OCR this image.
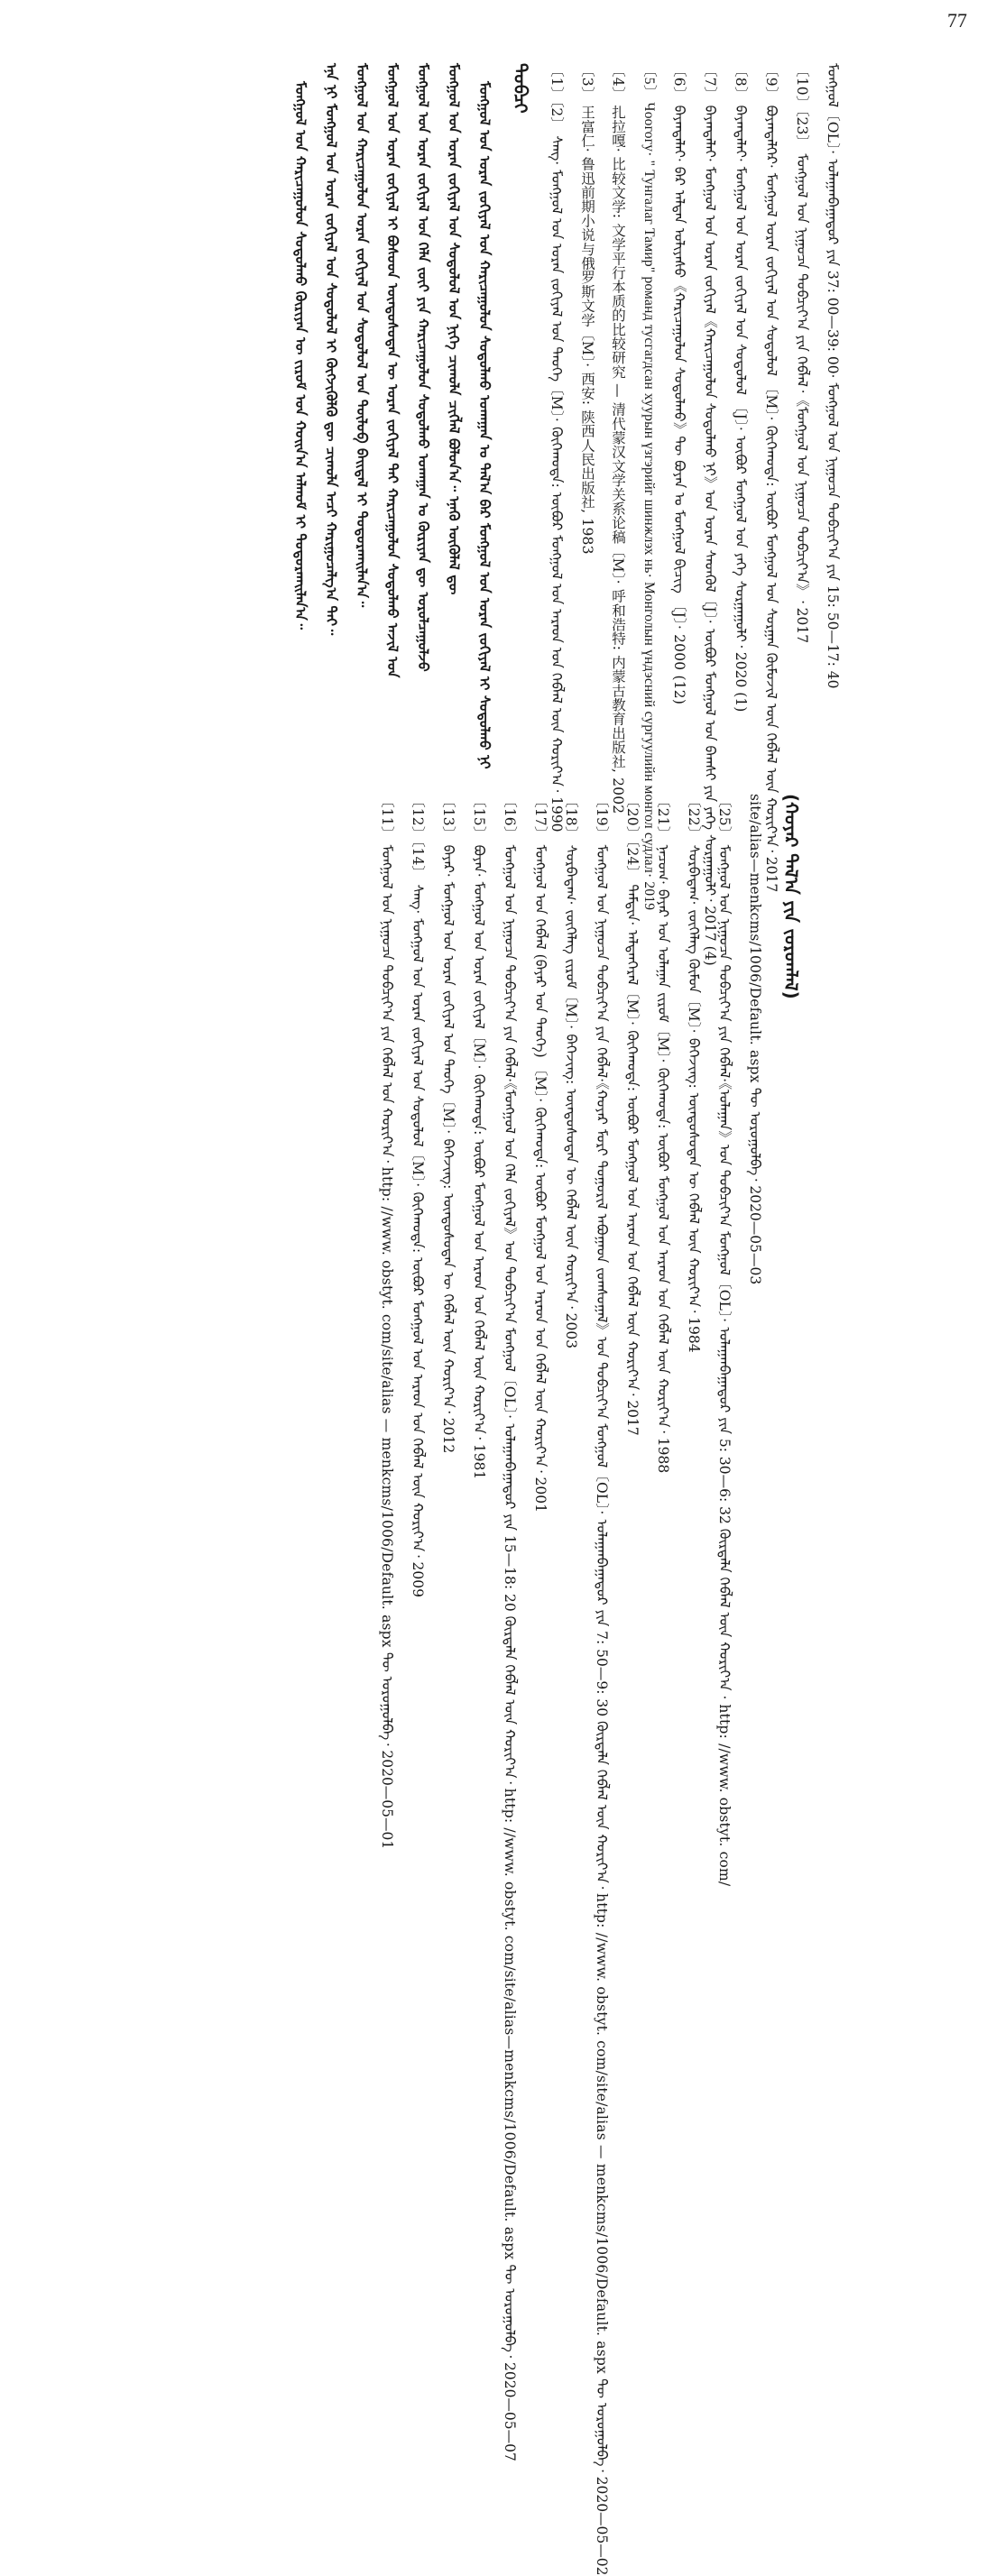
77
ᠮᠣᠩᠭᠣᠯ〔OL〕· ᠤᠯᠠᠭᠠᠨᠪᠠᠭᠠᠲᠤᠷ ᠶᠢᠨ 37: 00—39: 00· ᠮᠣᠩᠭᠣᠯ ᠤᠨ ᠨᠢᠭᠤᠴᠠ ᠲᠣᠪᠴᠢᠶ᠎ᠠ ᠶᠢᠨ 15: 50—17: 40
〔10〕〔23〕 ᠮᠣᠩᠭᠣᠯ ᠤᠨ ᠨᠢᠭᠤᠴᠠ ᠲᠣᠪᠴᠢᠶ᠎ᠠ ᠶᠢᠨ ᠬᠡᠪᠯᠡᠯ᠂《ᠮᠣᠩᠭᠣᠯ ᠤᠨ ᠨᠢᠭᠤᠴᠠ ᠲᠣᠪᠴᠢᠶ᠎ᠠ》᠂ 2017
〔9〕 ᠪᠤᠶᠠᠨᠳᠡᠯᠭᠡᠷ· ᠮᠣᠩᠭᠣᠯ ᠤᠷᠠᠨ ᠵᠣᠬᠢᠶᠠᠯ ᠤᠨ ᠰᠤᠳᠤᠯᠤᠯ 〔M〕· ᠬᠥᠬᠡᠬᠣᠲᠠ: ᠦᠪᠦᠷ ᠮᠣᠩᠭᠣᠯ ᠤᠨ ᠰᠤᠷᠭᠠᠨ ᠬᠦᠮᠦᠵᠢᠯ ᠦᠨ ᠬᠡᠪᠯᠡᠯ ᠦᠨ ᠬᠣᠷᠢᠶ᠎ᠠ᠂ 2017
〔8〕 ᠪᠠᠶᠠᠨᠳᠠᠯᠠᠢ· ᠮᠣᠩᠭᠣᠯ ᠤᠨ ᠤᠷᠠᠨ ᠵᠣᠬᠢᠶᠠᠯ ᠤᠨ ᠰᠤᠳᠤᠯᠤᠯ 〔J〕· ᠦᠪᠦᠷ ᠮᠣᠩᠭᠣᠯ ᠤᠨ ᠶᠡᠬᠡ ᠰᠤᠷᠭᠠᠭᠤᠯᠢ᠂ 2020 (1)
〔7〕 ᠪᠠᠶᠠᠨᠳᠠᠯᠠᠢ· ᠮᠣᠩᠭᠣᠯ ᠤᠨ ᠤᠷᠠᠨ ᠵᠣᠬᠢᠶᠠᠯ《ᠬᠠᠷᠢᠴᠠᠭᠤᠯᠤᠨ ᠰᠤᠳᠤᠯᠬᠤ ᠨᠢ》ᠤᠨ ᠤᠷᠠᠨ ᠰᠡᠳᠭᠦᠯ〔J〕· ᠦᠪᠦᠷ ᠮᠣᠩᠭᠣᠯ ᠤᠨ ᠪᠠᠭᠰᠢ ᠶᠢᠨ ᠶᠡᠬᠡ ᠰᠤᠷᠭᠠᠭᠤᠯᠢ᠂ 2017 (4)
〔6〕 ᠪᠠᠶᠠᠨᠳᠠᠯᠠᠢ· ᠪᠠᠷ ᠠᠯᠲᠠᠨ ᠤᠯᠢᠶᠠᠰᠤ《ᠬᠠᠷᠢᠴᠠᠭᠤᠯᠤᠨ ᠰᠤᠳᠤᠯᠬᠤ》ᠲᠦ ᠪᠤᠶᠠᠨ ᠤ ᠮᠣᠩᠭᠣᠯ ᠪᠢᠴᠢᠭ 〔J〕· 2000 (12)
〔5〕 Чоогогу· " Тунгалаг Тамир" романд тусгагдсан хуурын үзгэрийг шинжлэх нь· Монголын үндэсний сургуулийн монгол судлал· 2019
〔4〕 扎拉嘎· 比较文学: 文学平行本质的比较研究 — 清代蒙汉文学关系论稿〔M〕· 呼和浩特: 内蒙古教育出版社, 2002
〔3〕 王富仁· 鲁迅前期小说与俄罗斯文学〔M〕· 西安: 陕西人民出版社, 1983
〔1〕〔2〕 ᠰᠠᠩ· ᠮᠣᠩᠭᠣᠯ ᠤᠨ ᠤᠷᠠᠨ ᠵᠣᠬᠢᠶᠠᠯ ᠤᠨ ᠲᠡᠦᠬᠡ〔M〕· ᠬᠥᠬᠡᠬᠣᠲᠠ: ᠦᠪᠦᠷ ᠮᠣᠩᠭᠣᠯ ᠤᠨ ᠠᠷᠠᠳ ᠤᠨ ᠬᠡᠪᠯᠡᠯ ᠦᠨ ᠬᠣᠷᠢᠶ᠎ᠠ᠂ 1990
ᠲᠣᠪᠴᠢ
ᠮᠣᠩᠭᠣᠯ ᠤᠨ ᠤᠷᠠᠨ ᠵᠣᠬᠢᠶᠠᠯ ᠤᠨ ᠬᠠᠷᠢᠴᠠᠭᠤᠯᠤᠨ ᠰᠤᠳᠤᠯᠬᠤ ᠤᠬᠠᠭᠠᠨ ᠤ ᠲᠠᠯ᠎ᠠ ᠪᠡᠷ ᠮᠣᠩᠭᠣᠯ ᠤᠨ ᠤᠷᠠᠨ ᠵᠣᠬᠢᠶᠠᠯ ᠢ ᠰᠤᠳᠤᠯᠬᠤ ᠨᠢ
ᠮᠣᠩᠭᠣᠯ ᠤᠨ ᠤᠷᠠᠨ ᠵᠣᠬᠢᠶᠠᠯ ᠤᠨ ᠰᠤᠳᠤᠯᠤᠯ ᠤᠨ ᠨᠢᠭᠡ ᠴᠢᠬᠤᠯᠠ ᠴᠢᠭᠯᠡᠯ ᠪᠣᠯᠤᠨ᠎ᠠ᠃ ᠡᠨᠡᠬᠦ ᠥᠭᠦᠯᠡᠯ ᠳᠦ
ᠮᠣᠩᠭᠣᠯ ᠤᠨ ᠤᠷᠠᠨ ᠵᠣᠬᠢᠶᠠᠯ ᠤᠨ ᠬᠡᠯᠡ ᠵᠦᠢ ᠶᠢᠨ ᠬᠠᠷᠢᠴᠠᠭᠤᠯᠤᠨ ᠰᠤᠳᠤᠯᠬᠤ ᠤᠬᠠᠭᠠᠨ ᠤ ᠬᠦᠷᠢᠶᠡᠨ ᠳᠦ ᠣᠷᠣᠯᠴᠠᠭᠤᠯᠵᠤ
ᠮᠣᠩᠭᠣᠯ ᠤᠨ ᠤᠷᠠᠨ ᠵᠣᠬᠢᠶᠠᠯ ᠢ ᠪᠤᠰᠤᠳ ᠦᠨᠳᠦᠰᠦᠲᠡᠨ ᠦ ᠤᠷᠠᠨ ᠵᠣᠬᠢᠶᠠᠯ ᠲᠠᠢ ᠬᠠᠷᠢᠴᠠᠭᠤᠯᠤᠨ ᠰᠤᠳᠤᠯᠬᠤ ᠠᠵᠢᠯ ᠤᠨ
ᠮᠣᠩᠭᠣᠯ ᠤᠨ ᠬᠠᠷᠢᠴᠠᠭᠤᠯᠤᠨ ᠤᠷᠠᠨ ᠵᠣᠬᠢᠶᠠᠯ ᠤᠨ ᠰᠤᠳᠤᠯᠤᠯ ᠤᠨ ᠲᠥᠯᠥᠪ ᠪᠠᠢᠳᠠᠯ ᠢ ᠲᠣᠳᠣᠷᠬᠠᠢᠯᠠᠨ᠎ᠠ᠃
ᠡᠨᠡ ᠨᠢ ᠮᠣᠩᠭᠣᠯ ᠤᠨ ᠤᠷᠠᠨ ᠵᠣᠬᠢᠶᠠᠯ ᠤᠨ ᠰᠤᠳᠤᠯᠤᠯ ᠢ ᠬᠥᠭᠵᠢᠭᠦᠯᠬᠦ ᠳᠦ ᠴᠢᠬᠤᠯᠠ ᠠᠴᠢ ᠬᠠᠷᠢᠭᠤᠴᠠᠯᠭ᠎ᠠ ᠲᠠᠢ᠃
ᠮᠣᠩᠭᠣᠯ ᠤᠨ ᠬᠠᠷᠢᠴᠠᠭᠤᠯᠤᠨ ᠰᠤᠳᠤᠯᠬᠤ ᠬᠦᠷᠢᠶᠡᠨ ᠦ ᠵᠢᠷᠤᠮ ᠤᠨ ᠬᠣᠢᠨ᠎ᠠ ᠠᠯᠬᠤᠮ ᠢ ᠲᠣᠳᠣᠷᠬᠠᠢᠯᠠᠨ᠎ᠠ᠃
(ᠬᠣᠶᠠᠷ ᠲᠠᠯ᠎ᠠ ᠶᠢᠨ ᠵᠤᠷᠤᠭᠯᠠᠯ)
site/alias—menkcms/1006/Default. aspx ᠲᠦ ᠣᠷᠣᠭᠤᠯᠪᠠ᠂ 2020—05—03
〔25〕 ᠮᠣᠩᠭᠣᠯ ᠤᠨ ᠨᠢᠭᠤᠴᠠ ᠲᠣᠪᠴᠢᠶ᠎ᠠ ᠶᠢᠨ ᠬᠡᠪᠯᠡᠯ·《ᠤᠯᠠᠭᠠᠨ》ᠤᠨ ᠲᠣᠪᠴᠢᠶ᠎ᠠ ᠮᠣᠩᠭᠣᠯ〔OL〕· ᠤᠯᠠᠭᠠᠨᠪᠠᠭᠠᠲᠤᠷ ᠶᠢᠨ 5: 30—6: 32 ᠬᠦᠷᠲᠡᠯᠡ ᠬᠡᠪᠯᠡᠯ ᠦᠨ ᠬᠣᠷᠢᠶ᠎ᠠ · http: //www. obstyt. com/
〔22〕 ᠰᠤᠷᠪᠠᠳᠠᠭ· ᠵᠥᠭᠡᠯᠡᠭ ᠬᠦᠮᠦᠨ〔M〕· ᠪᠡᠭᠡᠵᠢᠩ: ᠦᠨᠳᠦᠰᠦᠲᠡᠨ ᠦ ᠬᠡᠪᠯᠡᠯ ᠦᠨ ᠬᠣᠷᠢᠶ᠎ᠠ᠂ 1984
〔21〕 ᠨᠠᠴᠤᠭ· ᠪᠠᠶᠠᠷ ᠤᠨ ᠤᠯᠠᠭᠠᠨ ᠵᠢᠷᠤᠮ〔M〕· ᠬᠥᠬᠡᠬᠣᠲᠠ: ᠦᠪᠦᠷ ᠮᠣᠩᠭᠣᠯ ᠤᠨ ᠠᠷᠠᠳ ᠤᠨ ᠬᠡᠪᠯᠡᠯ ᠦᠨ ᠬᠣᠷᠢᠶ᠎ᠠ᠂ 1988
〔20〕〔24〕 ᠳᠠᠮᠳᠢᠨ· ᠠᠯᠲᠠᠨᠭᠡᠷᠡᠯ〔M〕· ᠬᠥᠬᠡᠬᠣᠲᠠ: ᠦᠪᠦᠷ ᠮᠣᠩᠭᠣᠯ ᠤᠨ ᠠᠷᠠᠳ ᠤᠨ ᠬᠡᠪᠯᠡᠯ ᠦᠨ ᠬᠣᠷᠢᠶ᠎ᠠ᠂ 2017
〔19〕 ᠮᠣᠩᠭᠣᠯ ᠤᠨ ᠨᠢᠭᠤᠴᠠ ᠲᠣᠪᠴᠢᠶ᠎ᠠ ᠶᠢᠨ ᠬᠡᠪᠯᠡᠯ·《ᠬᠣᠶᠠᠷ ᠮᠣᠷᠢ ᠲᠣᠭᠣᠷᠢᠯ ᠠᠪᠤᠭᠠᠳ ᠵᠣᠭᠰᠣᠭᠠᠯ》ᠤᠨ ᠲᠣᠪᠴᠢᠶ᠎ᠠ ᠮᠣᠩᠭᠣᠯ〔OL〕· ᠤᠯᠠᠭᠠᠨᠪᠠᠭᠠᠲᠤᠷ ᠶᠢᠨ 7: 50—9: 30 ᠬᠦᠷᠲᠡᠯᠡ ᠬᠡᠪᠯᠡᠯ ᠦᠨ ᠬᠣᠷᠢᠶ᠎ᠠ᠂ http: //www. obstyt. com/site/alias — menkcms/1006/Default. aspx ᠲᠦ ᠣᠷᠣᠭᠤᠯᠪᠠ᠂ 2020—05—02
〔18〕 ᠰᠤᠷᠪᠠᠳᠠᠭ· ᠵᠥᠭᠡᠯᠡᠭ ᠵᠢᠷᠤᠮ〔M〕· ᠪᠡᠭᠡᠵᠢᠩ: ᠦᠨᠳᠦᠰᠦᠲᠡᠨ ᠦ ᠬᠡᠪᠯᠡᠯ ᠦᠨ ᠬᠣᠷᠢᠶ᠎ᠠ᠂ 2003
〔17〕 ᠮᠣᠩᠭᠣᠯ ᠤᠨ ᠬᠡᠪᠯᠡᠯ (ᠪᠠᠶᠠᠷ ᠤᠨ ᠲᠡᠦᠬᠡ) 〔M〕· ᠬᠥᠬᠡᠬᠣᠲᠠ: ᠦᠪᠦᠷ ᠮᠣᠩᠭᠣᠯ ᠤᠨ ᠠᠷᠠᠳ ᠤᠨ ᠬᠡᠪᠯᠡᠯ ᠦᠨ ᠬᠣᠷᠢᠶ᠎ᠠ᠂ 2001
〔16〕 ᠮᠣᠩᠭᠣᠯ ᠤᠨ ᠨᠢᠭᠤᠴᠠ ᠲᠣᠪᠴᠢᠶ᠎ᠠ ᠶᠢᠨ ᠬᠡᠪᠯᠡᠯ·《ᠮᠣᠩᠭᠣᠯ ᠤᠨ ᠬᠡᠯᠡ ᠵᠣᠬᠢᠶᠠᠯ》ᠤᠨ ᠲᠣᠪᠴᠢᠶ᠎ᠠ ᠮᠣᠩᠭᠣᠯ〔OL〕· ᠤᠯᠠᠭᠠᠨᠪᠠᠭᠠᠲᠤᠷ ᠶᠢᠨ 15—18: 20 ᠬᠦᠷᠲᠡᠯᠡ ᠬᠡᠪᠯᠡᠯ ᠦᠨ ᠬᠣᠷᠢᠶ᠎ᠠ᠂ http: //www. obstyt. com/site/alias—menkcms/1006/Default. aspx ᠲᠦ ᠣᠷᠣᠭᠤᠯᠪᠠ᠂ 2020—05—07
〔15〕 ᠪᠤᠶᠠᠨ· ᠮᠣᠩᠭᠣᠯ ᠤᠨ ᠤᠷᠠᠨ ᠵᠣᠬᠢᠶᠠᠯ〔M〕· ᠬᠥᠬᠡᠬᠣᠲᠠ: ᠦᠪᠦᠷ ᠮᠣᠩᠭᠣᠯ ᠤᠨ ᠠᠷᠠᠳ ᠤᠨ ᠬᠡᠪᠯᠡᠯ ᠦᠨ ᠬᠣᠷᠢᠶ᠎ᠠ᠂ 1981
〔13〕 ᠪᠠᠶᠠᠷ· ᠮᠣᠩᠭᠣᠯ ᠤᠨ ᠤᠷᠠᠨ ᠵᠣᠬᠢᠶᠠᠯ ᠤᠨ ᠲᠡᠦᠬᠡ〔M〕· ᠪᠡᠭᠡᠵᠢᠩ: ᠦᠨᠳᠦᠰᠦᠲᠡᠨ ᠦ ᠬᠡᠪᠯᠡᠯ ᠦᠨ ᠬᠣᠷᠢᠶ᠎ᠠ᠂ 2012
〔12〕〔14〕 ᠰᠠᠩ· ᠮᠣᠩᠭᠣᠯ ᠤᠨ ᠤᠷᠠᠨ ᠵᠣᠬᠢᠶᠠᠯ ᠤᠨ ᠰᠤᠳᠤᠯᠤᠯ〔M〕· ᠬᠥᠬᠡᠬᠣᠲᠠ: ᠦᠪᠦᠷ ᠮᠣᠩᠭᠣᠯ ᠤᠨ ᠠᠷᠠᠳ ᠤᠨ ᠬᠡᠪᠯᠡᠯ ᠦᠨ ᠬᠣᠷᠢᠶ᠎ᠠ᠂ 2009
〔11〕 ᠮᠣᠩᠭᠣᠯ ᠤᠨ ᠨᠢᠭᠤᠴᠠ ᠲᠣᠪᠴᠢᠶ᠎ᠠ ᠶᠢᠨ ᠬᠡᠪᠯᠡᠯ ᠤᠨ ᠬᠣᠷᠢᠶ᠎ᠠ᠂ http: //www. obstyt. com/site/alias — menkcms/1006/Default. aspx ᠲᠦ ᠣᠷᠣᠭᠤᠯᠪᠠ᠂ 2020—05—01
